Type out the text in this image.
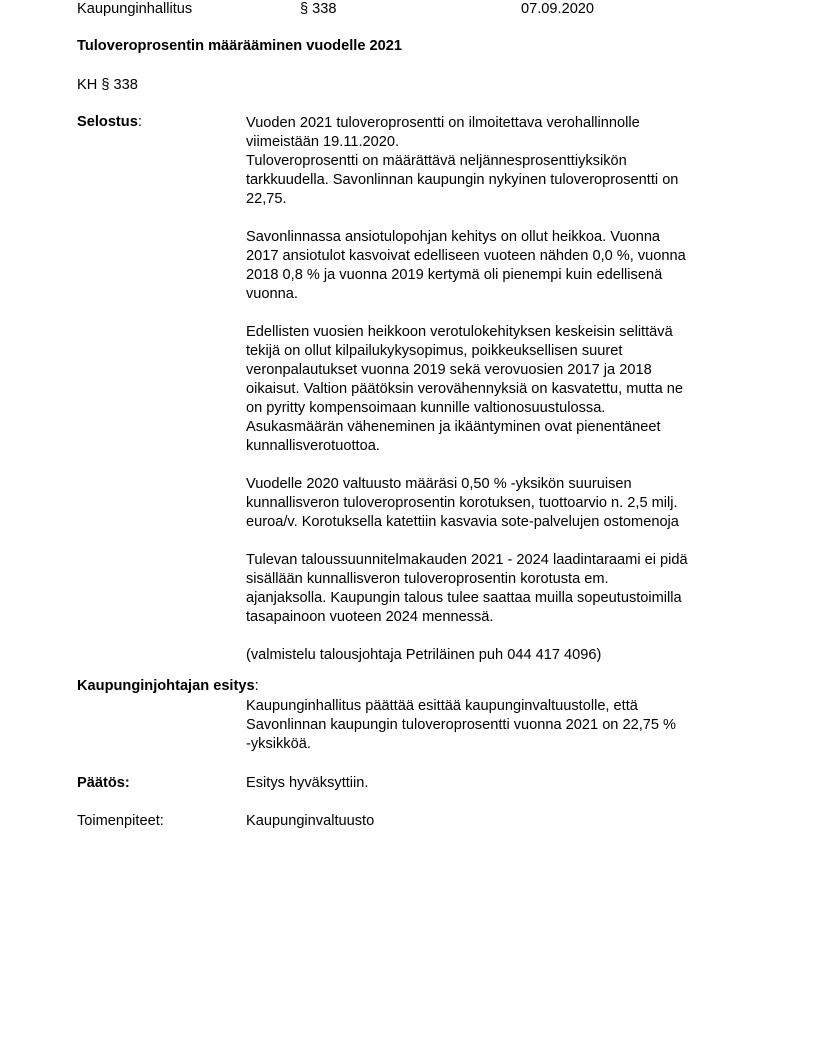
Kaupunginhallitus	§ 338	07.09.2020
Tuloveroprosentin määrääminen vuodelle 2021
KH § 338
Selostus:	Vuoden 2021 tuloveroprosentti on ilmoitettava verohallinnolle
viimeistään 19.11.2020.
Tuloveroprosentti on määrättävä neljännesprosenttiyksikön
tarkkuudella. Savonlinnan kaupungin nykyinen tuloveroprosentti on
22,75.
Savonlinnassa ansiotulopohjan kehitys on ollut heikkoa. Vuonna
2017 ansiotulot kasvoivat edelliseen vuoteen nähden 0,0 %, vuonna
2018 0,8 % ja vuonna 2019 kertymä oli pienempi kuin edellisenä
vuonna.
Edellisten vuosien heikkoon verotulokehityksen keskeisin selittävä
tekijä on ollut kilpailukykysopimus, poikkeuksellisen suuret
veronpalautukset vuonna 2019 sekä verovuosien 2017 ja 2018
oikaisut. Valtion päätöksin verovähennyksiä on kasvatettu, mutta ne
on pyritty kompensoimaan kunnille valtionosuustulossa.
Asukasmäärän väheneminen ja ikääntyminen ovat pienentäneet
kunnallisverotuottoa.
Vuodelle 2020 valtuusto määräsi 0,50 % -yksikön suuruisen
kunnallisveron tuloveroprosentin korotuksen, tuottoarvio n. 2,5 milj.
euroa/v. Korotuksella katettiin kasvavia sote-palvelujen ostomenoja
Tulevan taloussuunnitelmakauden 2021 - 2024 laadintaraami ei pidä
sisällään kunnallisveron tuloveroprosentin korotusta em.
ajanjaksolla. Kaupungin talous tulee saattaa muilla sopeutustoimilla
tasapainoon vuoteen 2024 mennessä.
(valmistelu talousjohtaja Petriläinen puh 044 417 4096)
Kaupunginjohtajan esitys:
Kaupunginhallitus päättää esittää kaupunginvaltuustolle, että
Savonlinnan kaupungin tuloveroprosentti vuonna 2021 on 22,75 %
-yksikköä.
Päätös:	Esitys hyväksyttiin.
Toimenpiteet:	Kaupunginvaltuusto
